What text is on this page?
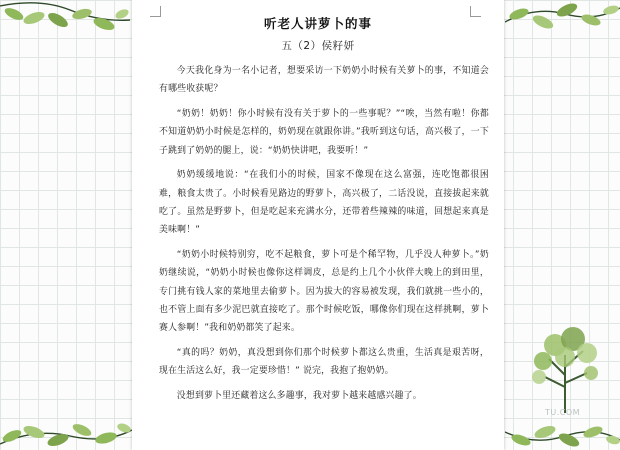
TU.COM
听老人讲萝卜的事
五（2）侯籽妍

今天我化身为一名小记者，想要采访一下奶奶小时候有关萝卜的事，不知道会有哪些收获呢？

“奶奶！奶奶！你小时候有没有关于萝卜的一些事呢？”“唉，当然有啦！你都不知道奶奶小时候是怎样的，奶奶现在就跟你讲。”我听到这句话，高兴极了，一下子跳到了奶奶的腿上，说：“奶奶快讲吧，我要听！”

奶奶缓缓地说：“在我们小的时候，国家不像现在这么富强，连吃饱都很困难，粮食太贵了。小时候看见路边的野萝卜，高兴极了，二话没说，直接拔起来就吃了。虽然是野萝卜，但是吃起来充满水分，还带着些辣辣的味道，回想起来真是美味啊！”

“奶奶小时候特别穷，吃不起粮食，萝卜可是个稀罕物，几乎没人种萝卜。”奶奶继续说，“奶奶小时候也像你这样调皮，总是约上几个小伙伴大晚上的到田里，专门挑有钱人家的菜地里去偷萝卜。因为拔大的容易被发现，我们就挑一些小的，也不管上面有多少泥巴就直接吃了。那个时候吃饭，哪像你们现在这样挑啊，萝卜赛人参啊！”我和奶奶都笑了起来。

“真的吗？奶奶，真没想到你们那个时候萝卜都这么贵重，生活真是艰苦呀，现在生活这么好，我一定要珍惜！” 说完，我抱了抱奶奶。

没想到萝卜里还藏着这么多趣事，我对萝卜越来越感兴趣了。
